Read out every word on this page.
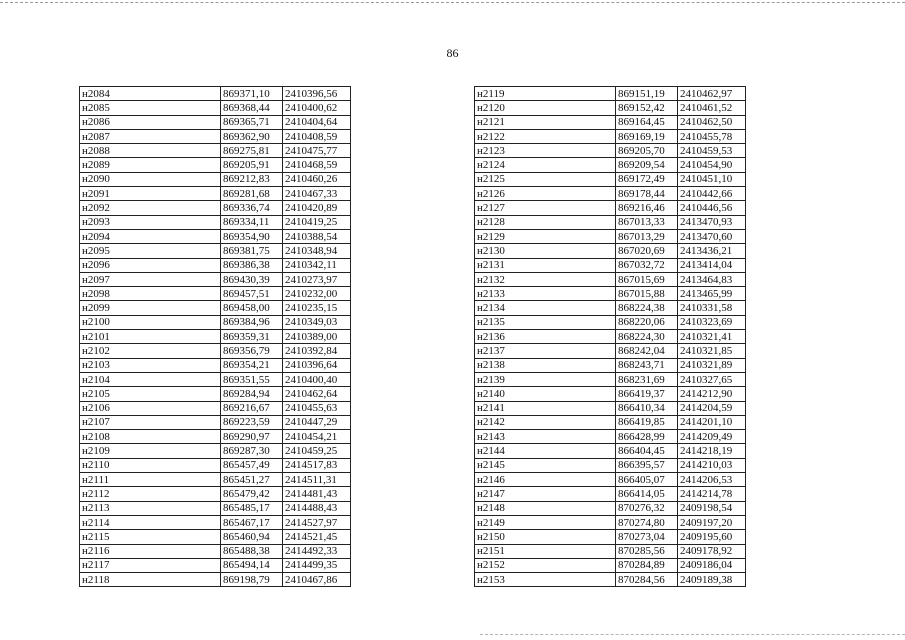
86
н2084	869371,10	2410396,56
н2085	869368,44	2410400,62
н2086	869365,71	2410404,64
н2087	869362,90	2410408,59
н2088	869275,81	2410475,77
н2089	869205,91	2410468,59
н2090	869212,83	2410460,26
н2091	869281,68	2410467,33
н2092	869336,74	2410420,89
н2093	869334,11	2410419,25
н2094	869354,90	2410388,54
н2095	869381,75	2410348,94
н2096	869386,38	2410342,11
н2097	869430,39	2410273,97
н2098	869457,51	2410232,00
н2099	869458,00	2410235,15
н2100	869384,96	2410349,03
н2101	869359,31	2410389,00
н2102	869356,79	2410392,84
н2103	869354,21	2410396,64
н2104	869351,55	2410400,40
н2105	869284,94	2410462,64
н2106	869216,67	2410455,63
н2107	869223,59	2410447,29
н2108	869290,97	2410454,21
н2109	869287,30	2410459,25
н2110	865457,49	2414517,83
н2111	865451,27	2414511,31
н2112	865479,42	2414481,43
н2113	865485,17	2414488,43
н2114	865467,17	2414527,97
н2115	865460,94	2414521,45
н2116	865488,38	2414492,33
н2117	865494,14	2414499,35
н2118	869198,79	2410467,86
н2119	869151,19	2410462,97
н2120	869152,42	2410461,52
н2121	869164,45	2410462,50
н2122	869169,19	2410455,78
н2123	869205,70	2410459,53
н2124	869209,54	2410454,90
н2125	869172,49	2410451,10
н2126	869178,44	2410442,66
н2127	869216,46	2410446,56
н2128	867013,33	2413470,93
н2129	867013,29	2413470,60
н2130	867020,69	2413436,21
н2131	867032,72	2413414,04
н2132	867015,69	2413464,83
н2133	867015,88	2413465,99
н2134	868224,38	2410331,58
н2135	868220,06	2410323,69
н2136	868224,30	2410321,41
н2137	868242,04	2410321,85
н2138	868243,71	2410321,89
н2139	868231,69	2410327,65
н2140	866419,37	2414212,90
н2141	866410,34	2414204,59
н2142	866419,85	2414201,10
н2143	866428,99	2414209,49
н2144	866404,45	2414218,19
н2145	866395,57	2414210,03
н2146	866405,07	2414206,53
н2147	866414,05	2414214,78
н2148	870276,32	2409198,54
н2149	870274,80	2409197,20
н2150	870273,04	2409195,60
н2151	870285,56	2409178,92
н2152	870284,89	2409186,04
н2153	870284,56	2409189,38
